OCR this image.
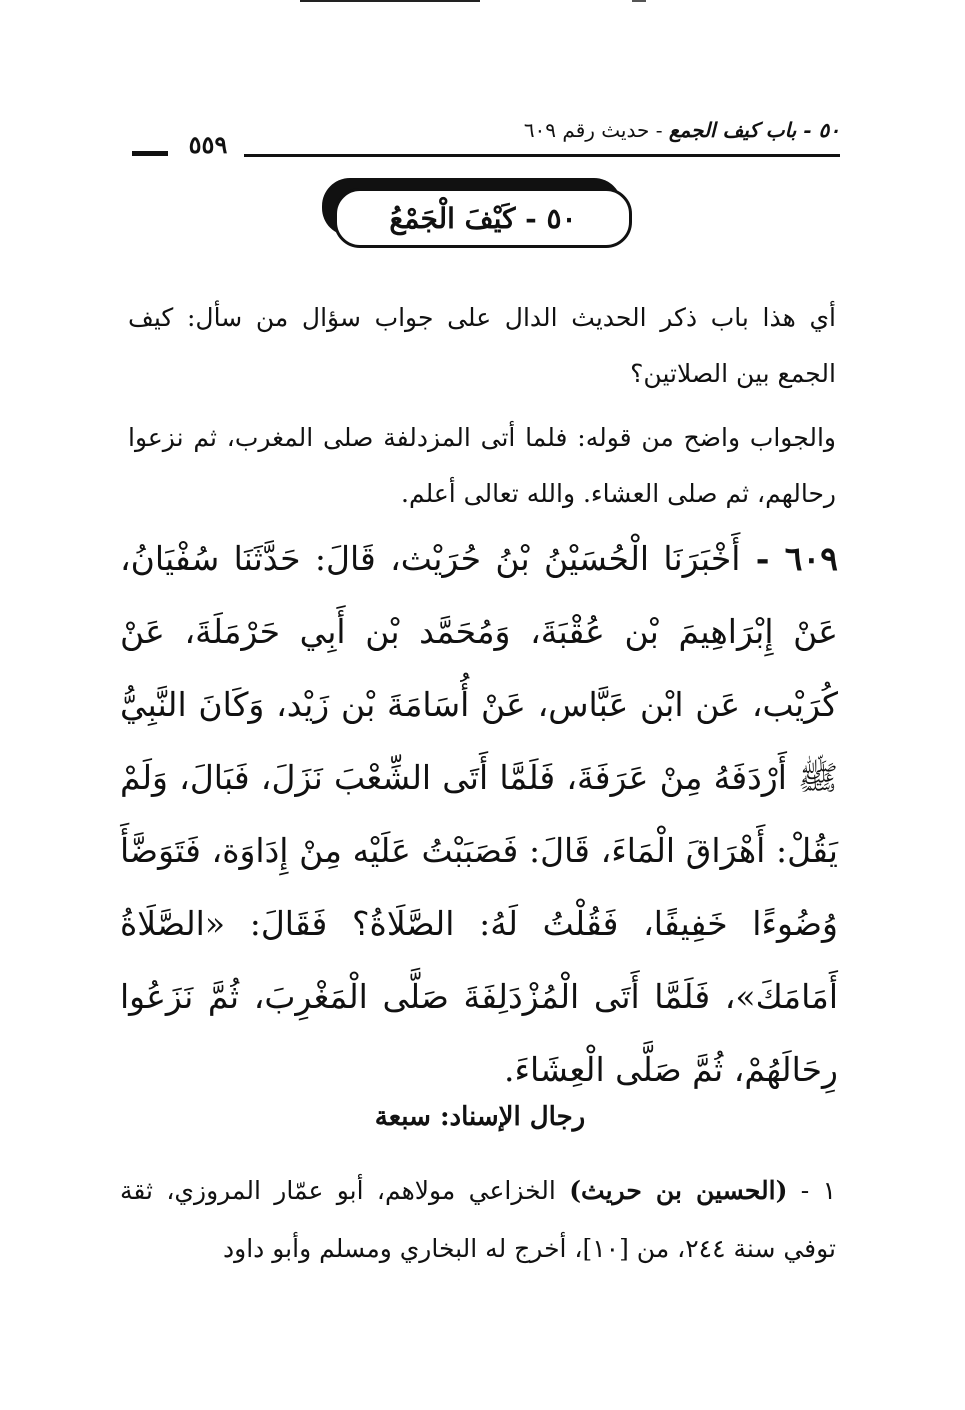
٥٥٩	٥٠ - باب كيف الجمع - حديث رقم ٦٠٩
٥٠ - كَيْفَ الْجَمْعُ
أي هذا باب ذكر الحديث الدال على جواب سؤال من سأل: كيف الجمع بين الصلاتين؟
والجواب واضح من قوله: فلما أتى المزدلفة صلى المغرب، ثم نزعوا رحالهم، ثم صلى العشاء. والله تعالى أعلم.
٦٠٩ - أَخْبَرَنَا الْحُسَيْنُ بْنُ حُرَيْث، قَالَ: حَدَّثَنَا سُفْيَانُ، عَنْ إِبْرَاهِيمَ بْن عُقْبَةَ، وَمُحَمَّد بْن أَبِي حَرْمَلَةَ، عَنْ كُرَيْب، عَن ابْن عَبَّاس، عَنْ أُسَامَةَ بْن زَيْد، وَكَانَ النَّبِيُّ ﷺ أَرْدَفَهُ مِنْ عَرَفَةَ، فَلَمَّا أَتَى الشِّعْبَ نَزَلَ، فَبَالَ، وَلَمْ يَقُلْ: أَهْرَاقَ الْمَاءَ، قَالَ: فَصَبَبْتُ عَلَيْه مِنْ إِدَاوَة، فَتَوَضَّأَ وُضُوءًا خَفِيفًا، فَقُلْتُ لَهُ: الصَّلَاةُ؟ فَقَالَ: «الصَّلَاةُ أَمَامَكَ»، فَلَمَّا أَتَى الْمُزْدَلِفَةَ صَلَّى الْمَغْرِبَ، ثُمَّ نَزَعُوا رِحَالَهُمْ، ثُمَّ صَلَّى الْعِشَاءَ.
رجال الإسناد: سبعة
١ - (الحسين بن حريث) الخزاعي مولاهم، أبو عمّار المروزي، ثقة توفي سنة ٢٤٤، من [١٠]، أخرج له البخاري ومسلم وأبو داود
